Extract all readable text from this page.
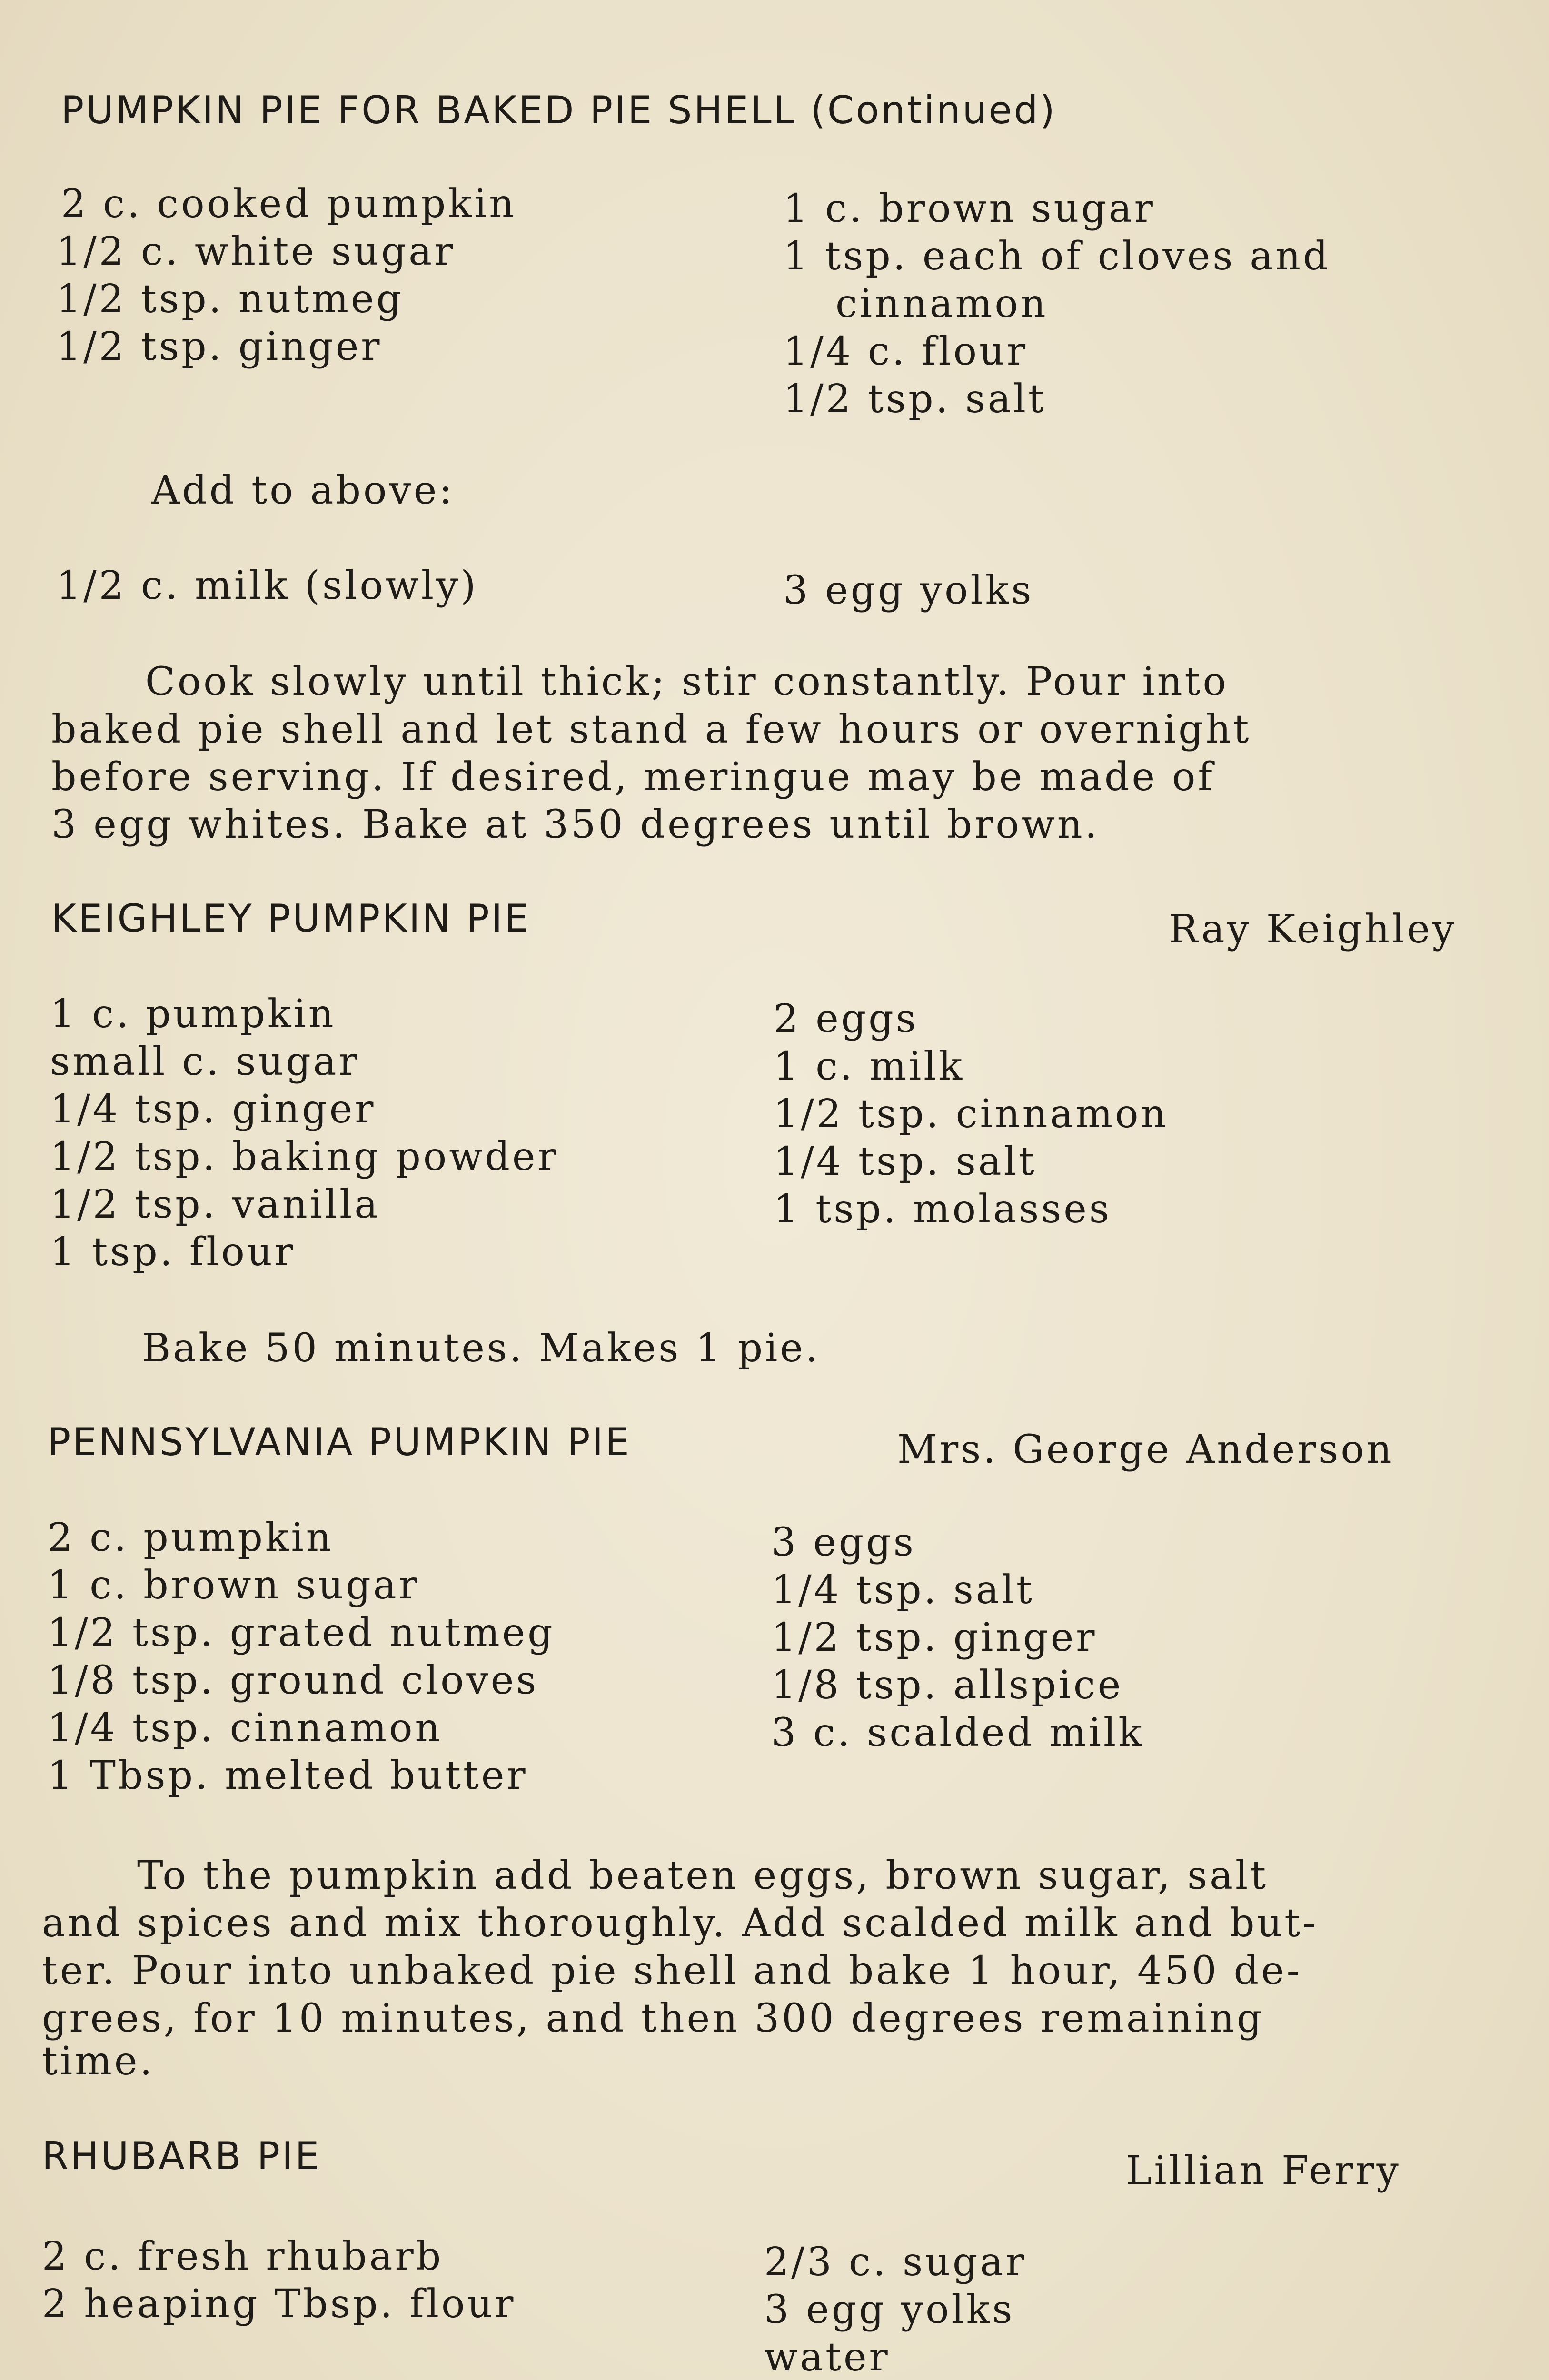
PUMPKIN PIE FOR BAKED PIE SHELL (Continued)
2 c. cooked pumpkin
1/2 c. white sugar
1/2 tsp. nutmeg
1/2 tsp. ginger
1 c. brown sugar
1 tsp. each of cloves and
cinnamon
1/4 c. flour
1/2 tsp. salt
Add to above:
1/2 c. milk (slowly)	3 egg yolks
Cook slowly until thick; stir constantly. Pour into
baked pie shell and let stand a few hours or overnight
before serving. If desired, meringue may be made of
3 egg whites. Bake at 350 degrees until brown.
KEIGHLEY PUMPKIN PIE	Ray Keighley
1 c. pumpkin
small c. sugar
1/4 tsp. ginger
1/2 tsp. baking powder
1/2 tsp. vanilla
1 tsp. flour
2 eggs
1 c. milk
1/2 tsp. cinnamon
1/4 tsp. salt
1 tsp. molasses
Bake 50 minutes. Makes 1 pie.
PENNSYLVANIA PUMPKIN PIE	Mrs. George Anderson
2 c. pumpkin
1 c. brown sugar
1/2 tsp. grated nutmeg
1/8 tsp. ground cloves
1/4 tsp. cinnamon
1 Tbsp. melted butter
3 eggs
1/4 tsp. salt
1/2 tsp. ginger
1/8 tsp. allspice
3 c. scalded milk
To the pumpkin add beaten eggs, brown sugar, salt
and spices and mix thoroughly. Add scalded milk and but-
ter. Pour into unbaked pie shell and bake 1 hour, 450 de-
grees, for 10 minutes, and then 300 degrees remaining
time.
RHUBARB PIE	Lillian Ferry
2 c. fresh rhubarb
2 heaping Tbsp. flour
2/3 c. sugar
3 egg yolks
water
